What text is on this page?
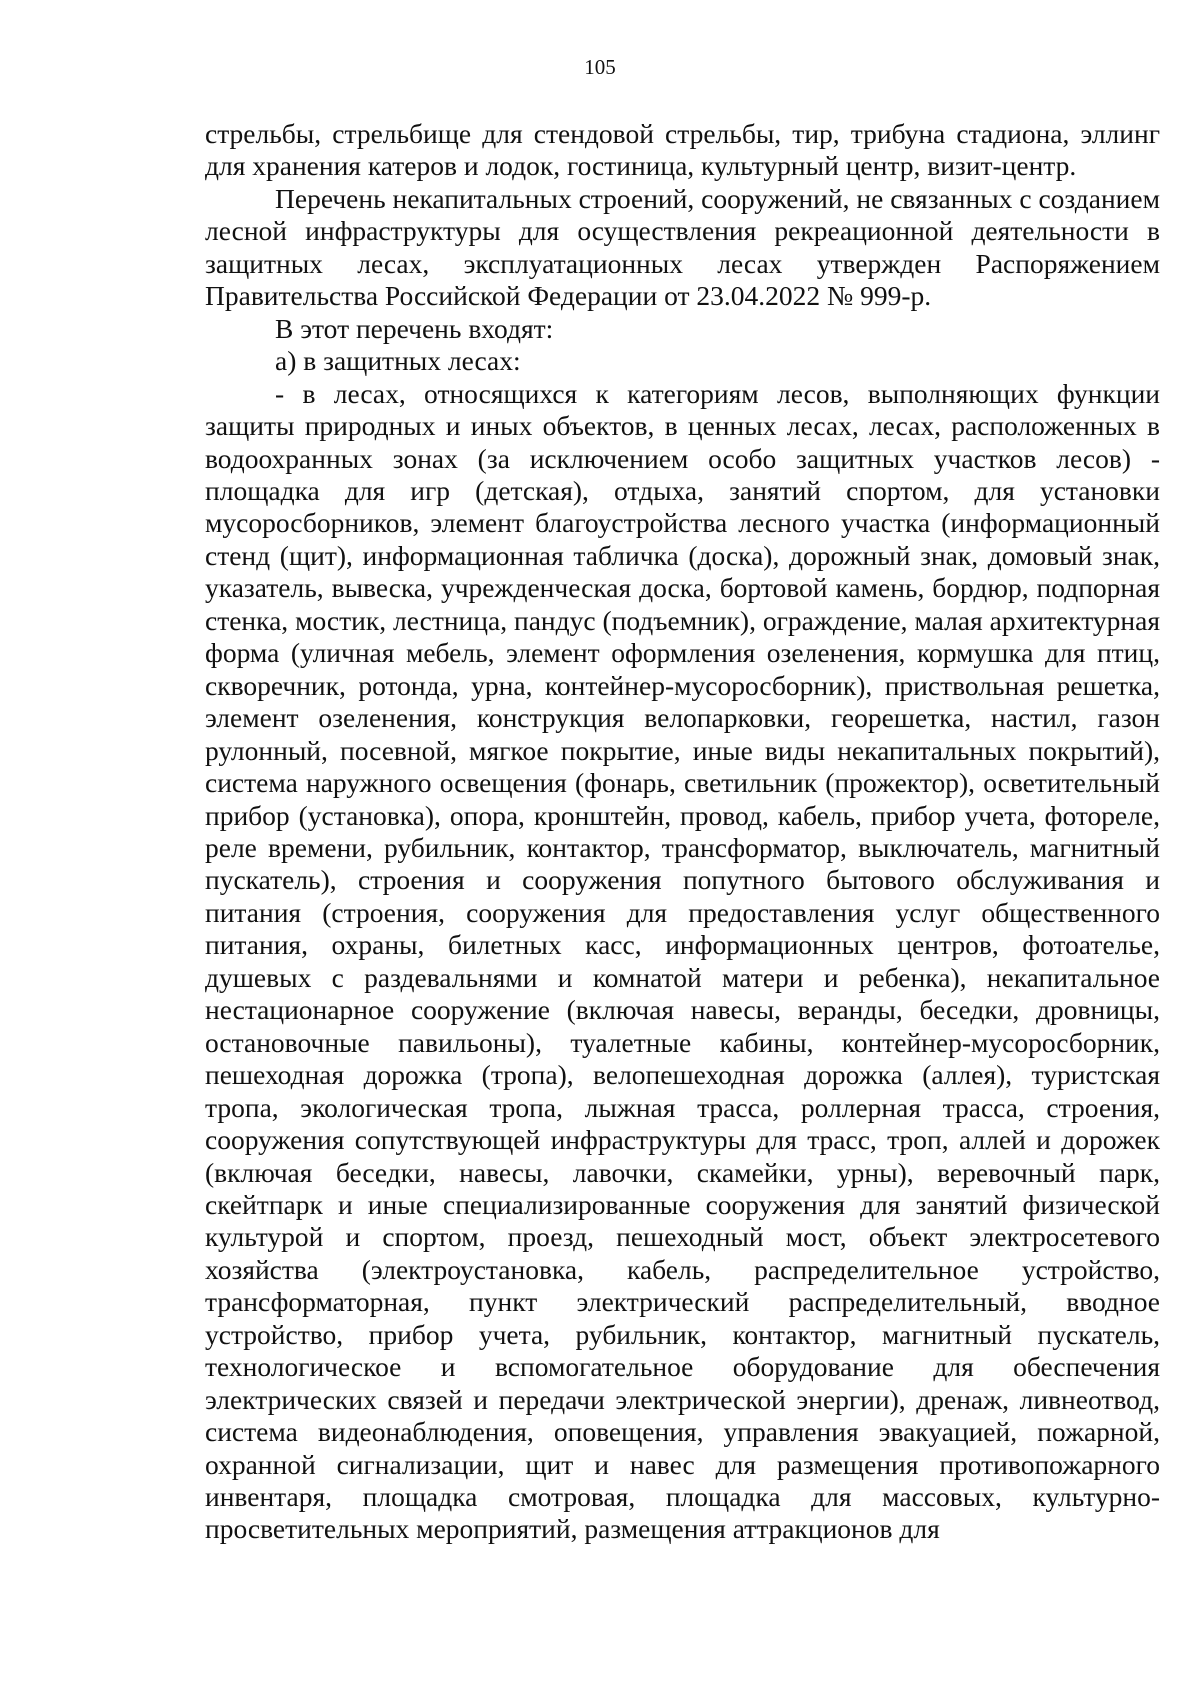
105

стрельбы, стрельбище для стендовой стрельбы, тир, трибуна стадиона, эллинг для хранения катеров и лодок, гостиница, культурный центр, визит-центр.

Перечень некапитальных строений, сооружений, не связанных с созданием лесной инфраструктуры для осуществления рекреационной деятельности в защитных лесах, эксплуатационных лесах утвержден Распоряжением Правительства Российской Федерации от 23.04.2022 № 999-р.

В этот перечень входят:

а) в защитных лесах:

- в лесах, относящихся к категориям лесов, выполняющих функции защиты природных и иных объектов, в ценных лесах, лесах, расположенных в водоохранных зонах (за исключением особо защитных участков лесов) - площадка для игр (детская), отдыха, занятий спортом, для установки мусоросборников, элемент благоустройства лесного участка (информационный стенд (щит), информационная табличка (доска), дорожный знак, домовый знак, указатель, вывеска, учрежденческая доска, бортовой камень, бордюр, подпорная стенка, мостик, лестница, пандус (подъемник), ограждение, малая архитектурная форма (уличная мебель, элемент оформления озеленения, кормушка для птиц, скворечник, ротонда, урна, контейнер-мусоросборник), приствольная решетка, элемент озеленения, конструкция велопарковки, георешетка, настил, газон рулонный, посевной, мягкое покрытие, иные виды некапитальных покрытий), система наружного освещения (фонарь, светильник (прожектор), осветительный прибор (установка), опора, кронштейн, провод, кабель, прибор учета, фотореле, реле времени, рубильник, контактор, трансформатор, выключатель, магнитный пускатель), строения и сооружения попутного бытового обслуживания и питания (строения, сооружения для предоставления услуг общественного питания, охраны, билетных касс, информационных центров, фотоателье, душевых с раздевальнями и комнатой матери и ребенка), некапитальное нестационарное сооружение (включая навесы, веранды, беседки, дровницы, остановочные павильоны), туалетные кабины, контейнер-мусоросборник, пешеходная дорожка (тропа), велопешеходная дорожка (аллея), туристская тропа, экологическая тропа, лыжная трасса, роллерная трасса, строения, сооружения сопутствующей инфраструктуры для трасс, троп, аллей и дорожек (включая беседки, навесы, лавочки, скамейки, урны), веревочный парк, скейтпарк и иные специализированные сооружения для занятий физической культурой и спортом, проезд, пешеходный мост, объект электросетевого хозяйства (электроустановка, кабель, распределительное устройство, трансформаторная, пункт электрический распределительный, вводное устройство, прибор учета, рубильник, контактор, магнитный пускатель, технологическое и вспомогательное оборудование для обеспечения электрических связей и передачи электрической энергии), дренаж, ливнеотвод, система видеонаблюдения, оповещения, управления эвакуацией, пожарной, охранной сигнализации, щит и навес для размещения противопожарного инвентаря, площадка смотровая, площадка для массовых, культурно-просветительных мероприятий, размещения аттракционов для
